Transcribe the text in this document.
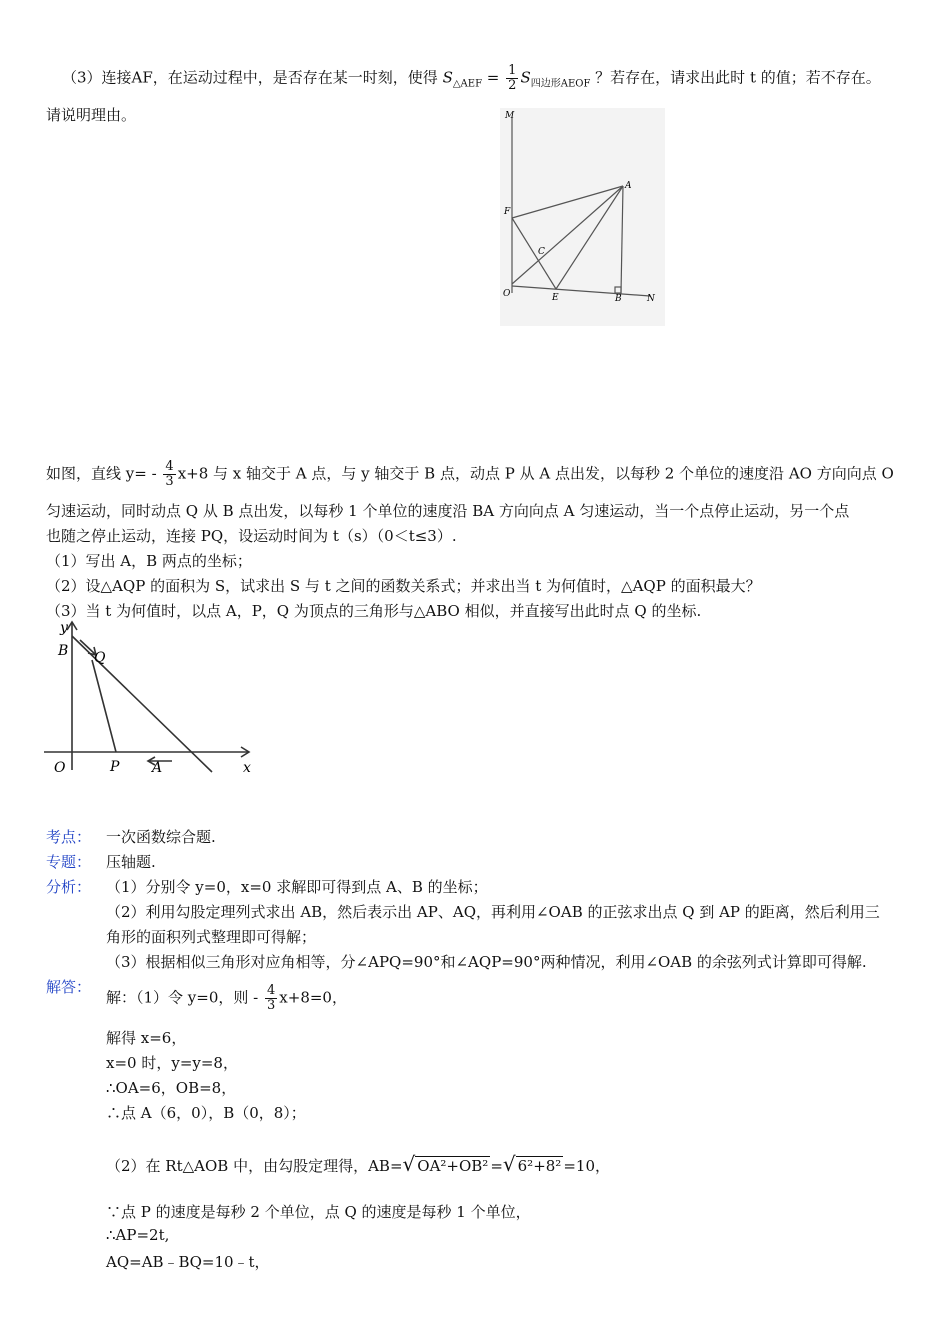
（3）连接AF，在运动过程中，是否存在某一时刻，使得 $S_{\triangle AEF} = \frac{1}{2} S_{四边形AEOF}$ ？若存在，请求出此时 t 的值；若不存在。
请说明理由。	M
A
F
C
O	E	B	N
如图，直线 $y= - \frac{4}{3} x+8$ 与 x 轴交于 A 点，与 y 轴交于 B 点，动点 P 从 A 点出发，以每秒 2 个单位的速度沿 AO 方向向点 O
匀速运动，同时动点 Q 从 B 点出发，以每秒 1 个单位的速度沿 BA 方向向点 A 匀速运动，当一个点停止运动，另一个点
也随之停止运动，连接 PQ，设运动时间为 t（s）（0＜t≤3）.
（1）写出 A，B 两点的坐标；
（2）设△AQP 的面积为 S，试求出 S 与 t 之间的函数关系式；并求出当 t 为何值时，△AQP 的面积最大？
（3）当 t 为何值时，以点 A，P，Q 为顶点的三角形与△ABO 相似，并直接写出此时点 Q 的坐标.
y
B Q
O	P A	x
考点： 一次函数综合题.
专题： 压轴题.
分析： （1）分别令 y=0，x=0 求解即可得到点 A、B 的坐标；
（2）利用勾股定理列式求出 AB，然后表示出 AP、AQ，再利用∠OAB 的正弦求出点 Q 到 AP 的距离，然后利用三
角形的面积列式整理即可得解；
（3）根据相似三角形对应角相等，分∠APQ=90°和∠AQP=90°两种情况，利用∠OAB 的余弦列式计算即可得解.
解答：
解：（1）令 y=0，则 - $\frac{4}{3} x+8=0$，
解得 x=6，
x=0 时，y=y=8，
∴OA=6，OB=8，
∴点 A（6，0），B（0，8）；
（2）在 Rt△AOB 中，由勾股定理得，AB=√ OA²+OB² =√ 6²+8² =10，
∵点 P 的速度是每秒 2 个单位，点 Q 的速度是每秒 1 个单位，
∴AP=2t,
AQ=AB﹣BQ=10﹣t，
